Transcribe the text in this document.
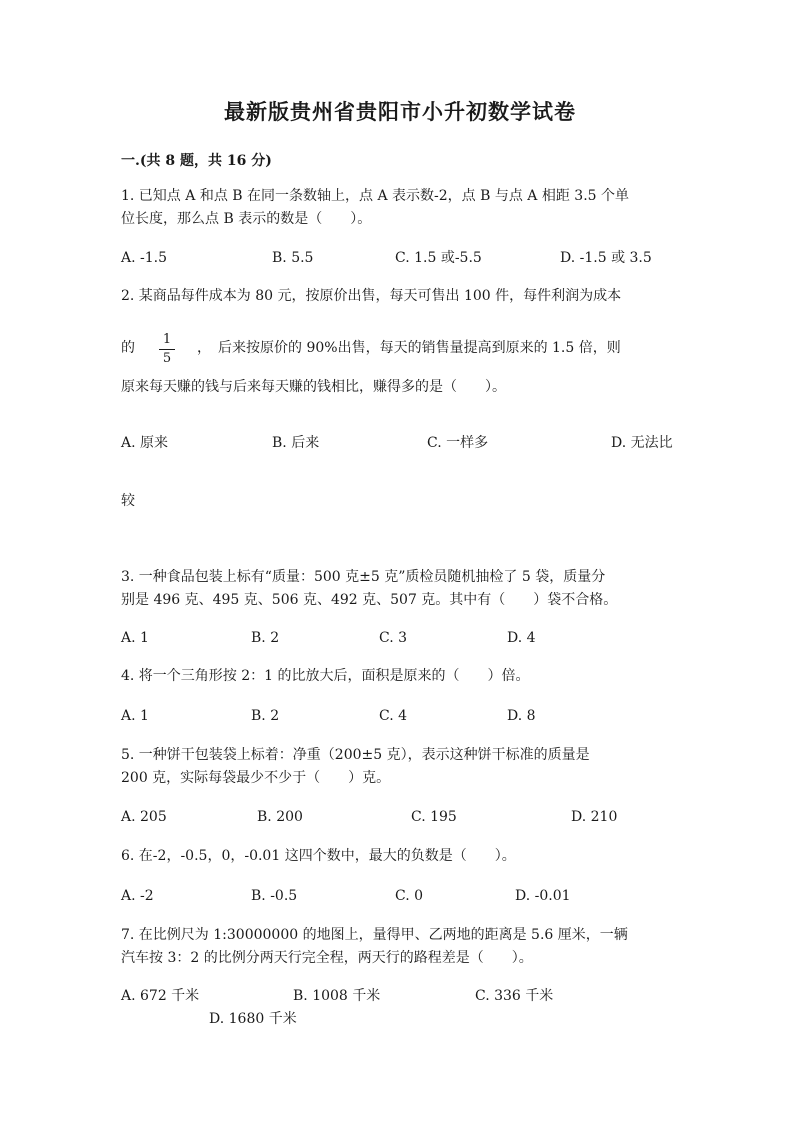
最新版贵州省贵阳市小升初数学试卷
一.(共 8 题，共 16 分)
1. 已知点 A 和点 B 在同一条数轴上，点 A 表示数-2，点 B 与点 A 相距 3.5 个单
位长度，那么点 B 表示的数是（　　）。
A. -1.5	B. 5.5	C. 1.5 或-5.5	D. -1.5 或 3.5
2. 某商品每件成本为 80 元，按原价出售，每天可售出 100 件，每件利润为成本
的
1
5
，　后来按原价的 90%出售，每天的销售量提高到原来的 1.5 倍，则
原来每天赚的钱与后来每天赚的钱相比，赚得多的是（　　）。
A. 原来	B. 后来	C. 一样多	D. 无法比
较
3. 一种食品包装上标有“质量：500 克±5 克”质检员随机抽检了 5 袋，质量分
别是 496 克、495 克、506 克、492 克、507 克。其中有（　　）袋不合格。
A. 1	B. 2	C. 3	D. 4
4. 将一个三角形按 2：1 的比放大后，面积是原来的（　　）倍。
A. 1	B. 2	C. 4	D. 8
5. 一种饼干包装袋上标着：净重（200±5 克），表示这种饼干标准的质量是
200 克，实际每袋最少不少于（　　）克。
A. 205	B. 200	C. 195	D. 210
6. 在-2，-0.5，0，-0.01 这四个数中，最大的负数是（　　）。
A. -2	B. -0.5	C. 0	D. -0.01
7. 在比例尺为 1:30000000 的地图上，量得甲、乙两地的距离是 5.6 厘米，一辆
汽车按 3：2 的比例分两天行完全程，两天行的路程差是（　　）。
A. 672 千米	B. 1008 千米	C. 336 千米
D. 1680 千米
